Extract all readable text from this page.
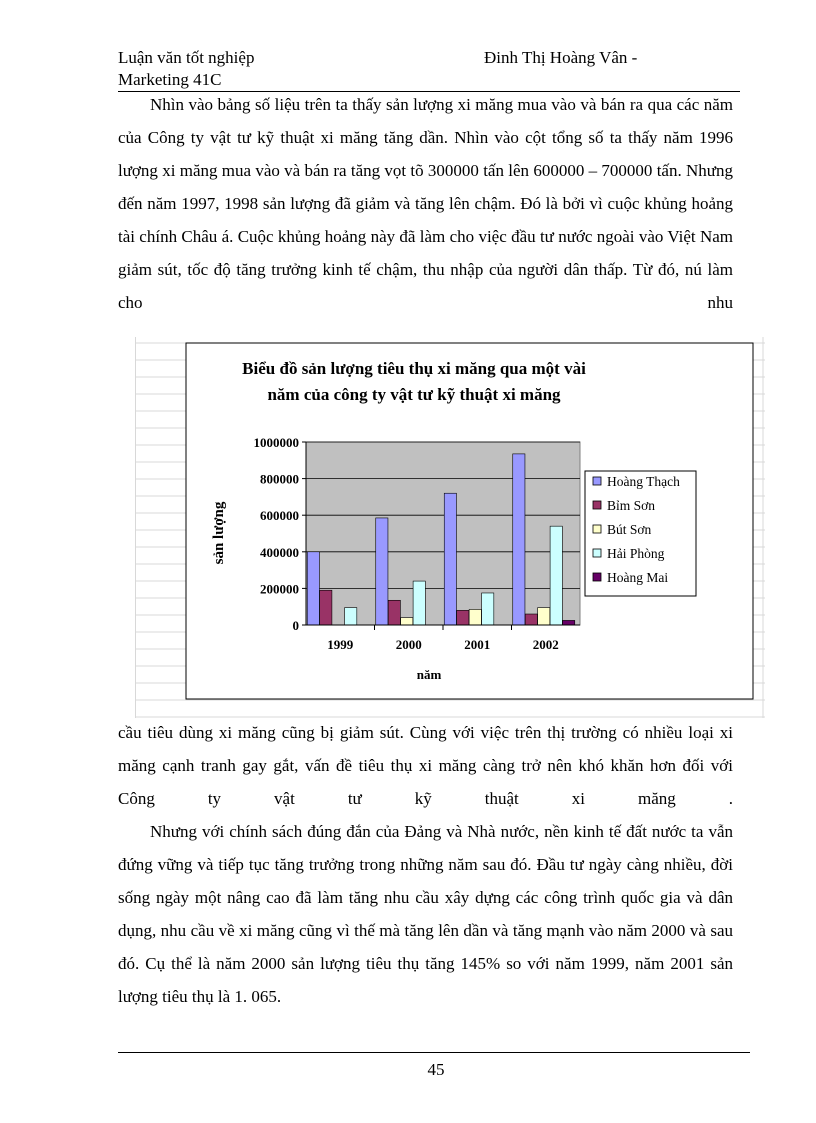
Luận văn tốt nghiệp	Đinh Thị Hoàng Vân -
Marketing 41C

Nhìn vào bảng số liệu trên ta thấy sản lượng xi măng mua vào và bán ra qua các năm của Công ty vật tư kỹ thuật xi măng tăng dần. Nhìn vào cột tổng số ta thấy năm 1996 lượng xi măng mua vào và bán ra tăng vọt tõ 300000 tấn lên 600000 – 700000 tấn. Nhưng đến năm 1997, 1998 sản lượng đã giảm và tăng lên chậm. Đó là bởi vì cuộc khủng hoảng tài chính Châu á. Cuộc khủng hoảng này đã làm cho việc đầu tư nước ngoài vào Việt Nam giảm sút, tốc độ tăng trưởng kinh tế chậm, thu nhập của người dân thấp. Từ đó, nú làm cho nhu

Biểu đồ sản lượng tiêu thụ xi măng qua một vài
năm của công ty vật tư kỹ thuật xi măng
0
200000
400000
600000
800000
1000000
1999	2000	2001	2002
năm
sản lượng
Hoàng Thạch
Bỉm Sơn
Bút Sơn
Hải Phòng
Hoàng Mai

cầu tiêu dùng xi măng cũng bị giảm sút. Cùng với việc trên thị trường có nhiều loại xi măng cạnh tranh gay gắt, vấn đề tiêu thụ xi măng càng trở nên khó khăn hơn đối với Công ty vật tư kỹ thuật xi măng .

Nhưng với chính sách đúng đắn của Đảng và Nhà nước, nền kinh tế đất nước ta vẫn đứng vững và tiếp tục tăng trưởng trong những năm sau đó. Đầu tư ngày càng nhiều, đời sống ngày một nâng cao đã làm tăng nhu cầu xây dựng các công trình quốc gia và dân dụng, nhu cầu về xi măng cũng vì thế mà tăng lên dần và tăng mạnh vào năm 2000 và sau đó. Cụ thể là năm 2000 sản lượng tiêu thụ tăng 145% so với năm 1999, năm 2001 sản lượng tiêu thụ là 1. 065.

45
